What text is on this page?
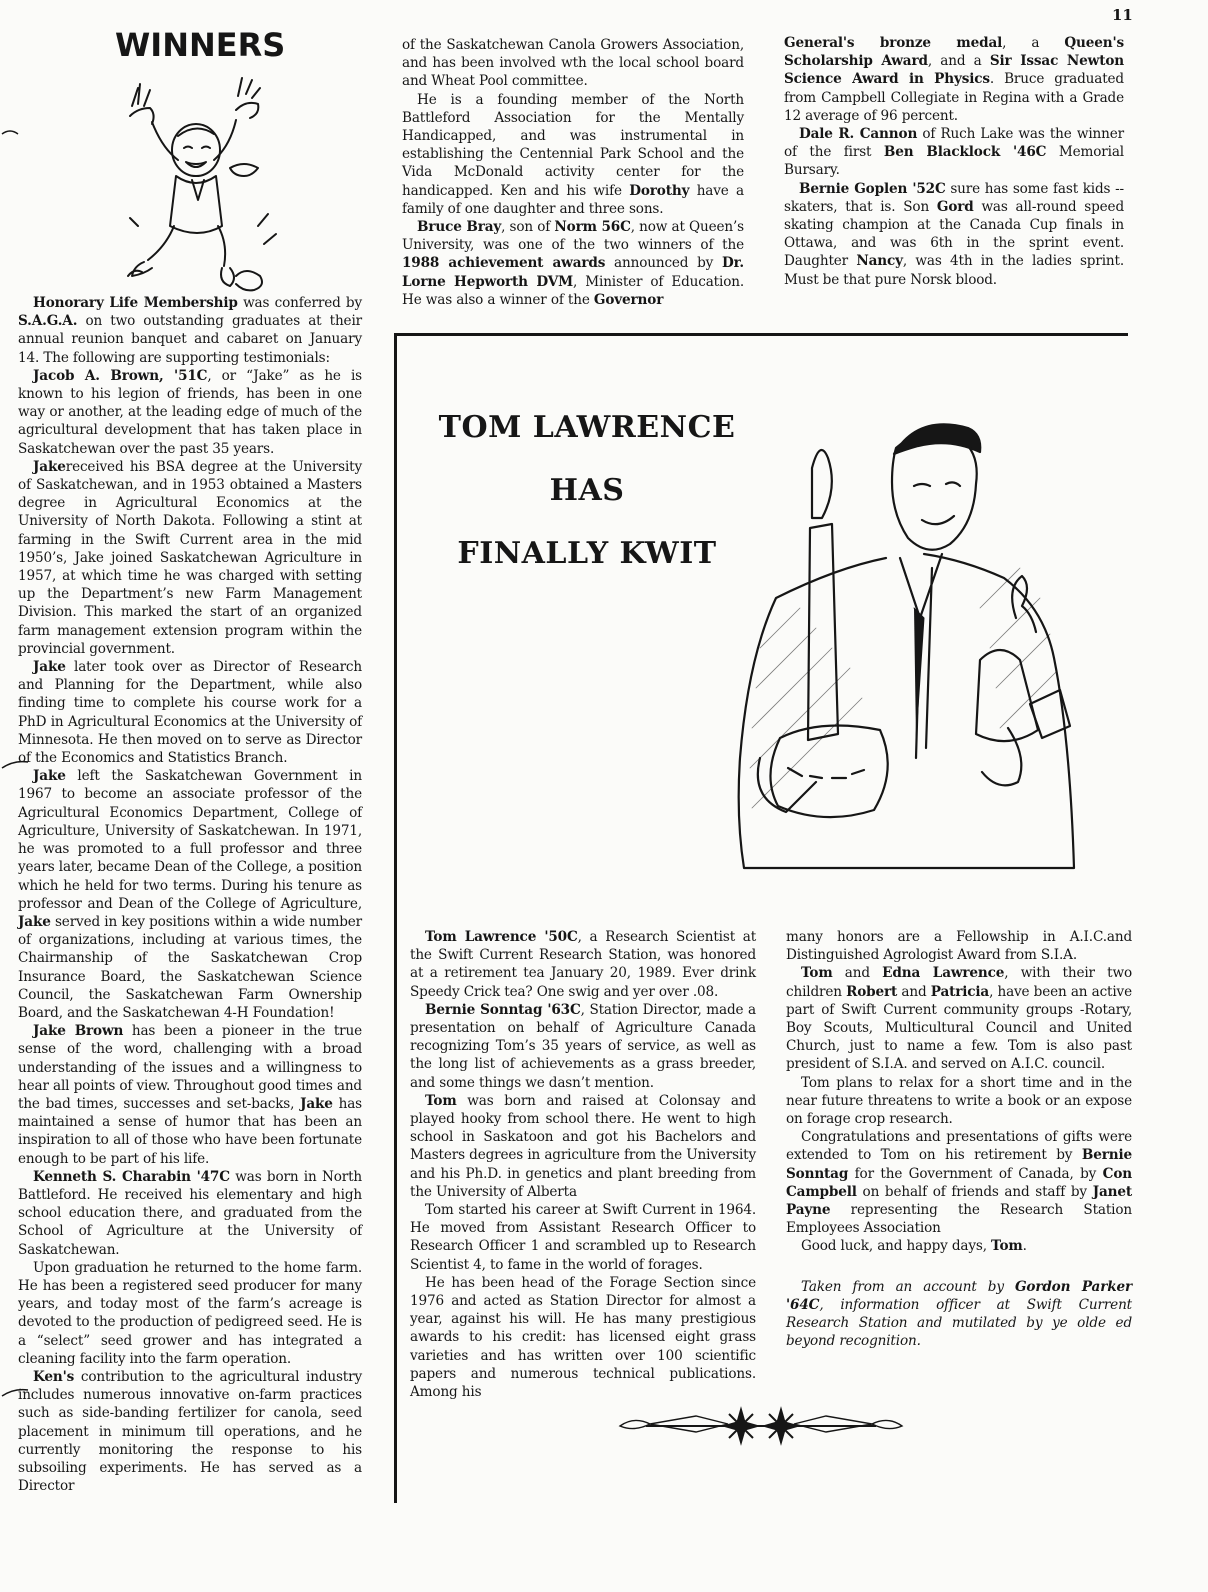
11
WINNERS

Honorary Life Membership was conferred by S.A.G.A. on two outstanding graduates at their annual reunion banquet and cabaret on January 14. The following are supporting testimonials:

Jacob A. Brown, '51C, or “Jake” as he is known to his legion of friends, has been in one way or another, at the leading edge of much of the agricultural development that has taken place in Saskatchewan over the past 35 years.

Jakereceived his BSA degree at the University of Saskatchewan, and in 1953 obtained a Masters degree in Agricultural Economics at the University of North Dakota. Following a stint at farming in the Swift Current area in the mid 1950’s, Jake joined Saskatchewan Agriculture in 1957, at which time he was charged with setting up the Department’s new Farm Management Division. This marked the start of an organized farm management extension program within the provincial government.

Jake later took over as Director of Research and Planning for the Department, while also finding time to complete his course work for a PhD in Agricultural Economics at the University of Minnesota. He then moved on to serve as Director of the Economics and Statistics Branch.

Jake left the Saskatchewan Government in 1967 to become an associate professor of the Agricultural Economics Department, College of Agriculture, University of Saskatchewan. In 1971, he was promoted to a full professor and three years later, became Dean of the College, a position which he held for two terms. During his tenure as professor and Dean of the College of Agriculture, Jake served in key positions within a wide number of organizations, including at various times, the Chairmanship of the Saskatchewan Crop Insurance Board, the Saskatchewan Science Council, the Saskatchewan Farm Ownership Board, and the Saskatchewan 4-H Foundation!

Jake Brown has been a pioneer in the true sense of the word, challenging with a broad understanding of the issues and a willingness to hear all points of view. Throughout good times and the bad times, successes and set-backs, Jake has maintained a sense of humor that has been an inspiration to all of those who have been fortunate enough to be part of his life.

Kenneth S. Charabin '47C was born in North Battleford. He received his elementary and high school education there, and graduated from the School of Agriculture at the University of Saskatchewan.

Upon graduation he returned to the home farm. He has been a registered seed producer for many years, and today most of the farm’s acreage is devoted to the production of pedigreed seed. He is a “select” seed grower and has integrated a cleaning facility into the farm operation.

Ken's contribution to the agricultural industry includes numerous innovative on-farm practices such as side-banding fertilizer for canola, seed placement in minimum till operations, and he currently monitoring the response to his subsoiling experiments. He has served as a Director

of the Saskatchewan Canola Growers Association, and has been involved wth the local school board and Wheat Pool committee.

He is a founding member of the North Battleford Association for the Mentally Handicapped, and was instrumental in establishing the Centennial Park School and the Vida McDonald activity center for the handicapped. Ken and his wife Dorothy have a family of one daughter and three sons.

Bruce Bray, son of Norm 56C, now at Queen’s University, was one of the two winners of the 1988 achievement awards announced by Dr. Lorne Hepworth DVM, Minister of Education. He was also a winner of the Governor

General's bronze medal, a Queen's Scholarship Award, and a Sir Issac Newton Science Award in Physics. Bruce graduated from Campbell Collegiate in Regina with a Grade 12 average of 96 percent.

Dale R. Cannon of Ruch Lake was the winner of the first Ben Blacklock '46C Memorial Bursary.

Bernie Goplen '52C sure has some fast kids -- skaters, that is. Son Gord was all-round speed skating champion at the Canada Cup finals in Ottawa, and was 6th in the sprint event. Daughter Nancy, was 4th in the ladies sprint. Must be that pure Norsk blood.

TOM LAWRENCE
HAS
FINALLY KWIT

Tom Lawrence '50C, a Research Scientist at the Swift Current Research Station, was honored at a retirement tea January 20, 1989. Ever drink Speedy Crick tea? One swig and yer over .08.

Bernie Sonntag '63C, Station Director, made a presentation on behalf of Agriculture Canada recognizing Tom’s 35 years of service, as well as the long list of achievements as a grass breeder, and some things we dasn’t mention.

Tom was born and raised at Colonsay and played hooky from school there. He went to high school in Saskatoon and got his Bachelors and Masters degrees in agriculture from the University and his Ph.D. in genetics and plant breeding from the University of Alberta

Tom started his career at Swift Current in 1964. He moved from Assistant Research Officer to Research Officer 1 and scrambled up to Research Scientist 4, to fame in the world of forages.

He has been head of the Forage Section since 1976 and acted as Station Director for almost a year, against his will. He has many prestigious awards to his credit: has licensed eight grass varieties and has written over 100 scientific papers and numerous technical publications. Among his

many honors are a Fellowship in A.I.C.and Distinguished Agrologist Award from S.I.A.

Tom and Edna Lawrence, with their two children Robert and Patricia, have been an active part of Swift Current community groups -Rotary, Boy Scouts, Multicultural Council and United Church, just to name a few. Tom is also past president of S.I.A. and served on A.I.C. council.

Tom plans to relax for a short time and in the near future threatens to write a book or an expose on forage crop research.

Congratulations and presentations of gifts were extended to Tom on his retirement by Bernie Sonntag for the Government of Canada, by Con Campbell on behalf of friends and staff by Janet Payne representing the Research Station Employees Association

Good luck, and happy days, Tom.

Taken from an account by Gordon Parker '64C, information officer at Swift Current Research Station and mutilated by ye olde ed beyond recognition.
